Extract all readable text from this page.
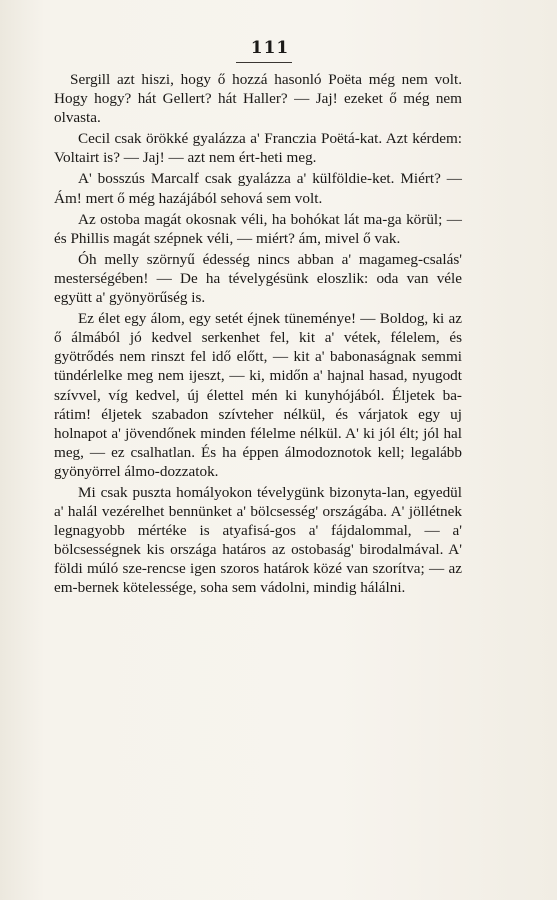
111

Sergill azt hiszi, hogy ő hozzá hasonló Poëta még nem volt. Hogy hogy? hát Gellert? hát Haller? — Jaj! ezeket ő még nem olvasta.

Cecil csak örökké gyalázza a' Franczia Poëtá-kat. Azt kérdem: Voltairt is? — Jaj! — azt nem ért-heti meg.

A' bosszús Marcalf csak gyalázza a' külföldie-ket. Miért? — Ám! mert ő még hazájából sehová sem volt.

Az ostoba magát okosnak véli, ha bohókat lát ma-ga körül; — és Phillis magát szépnek véli, — miért? ám, mivel ő vak.

Óh melly szörnyű édesség nincs abban a' magameg-csalás' mesterségében! — De ha tévelygésünk eloszlik: oda van véle együtt a' gyönyörűség is.

Ez élet egy álom, egy setét éjnek tüneménye! — Boldog, ki az ő álmából jó kedvel serkenhet fel, kit a' vétek, félelem, és gyötrődés nem rinszt fel idő előtt, — kit a' babonaságnak semmi tündérlelke meg nem ijeszt, — ki, midőn a' hajnal hasad, nyugodt szívvel, víg kedvel, új élettel mén ki kunyhójából. Éljetek ba-rátim! éljetek szabadon szívteher nélkül, és várjatok egy uj holnapot a' jövendőnek minden félelme nélkül. A' ki jól élt; jól hal meg, — ez csalhatlan. És ha éppen álmodoznotok kell; legalább gyönyörrel álmo-dozzatok.

Mi csak puszta homályokon tévelygünk bizonyta-lan, egyedül a' halál vezérelhet bennünket a' bölcsesség' országába. A' jöllétnek legnagyobb mértéke is atyafisá-gos a' fájdalommal, — a' bölcsességnek kis országa határos az ostobaság' birodalmával. A' földi múló sze-rencse igen szoros határok közé van szorítva; — az em-bernek kötelessége, soha sem vádolni, mindig hálálni.
